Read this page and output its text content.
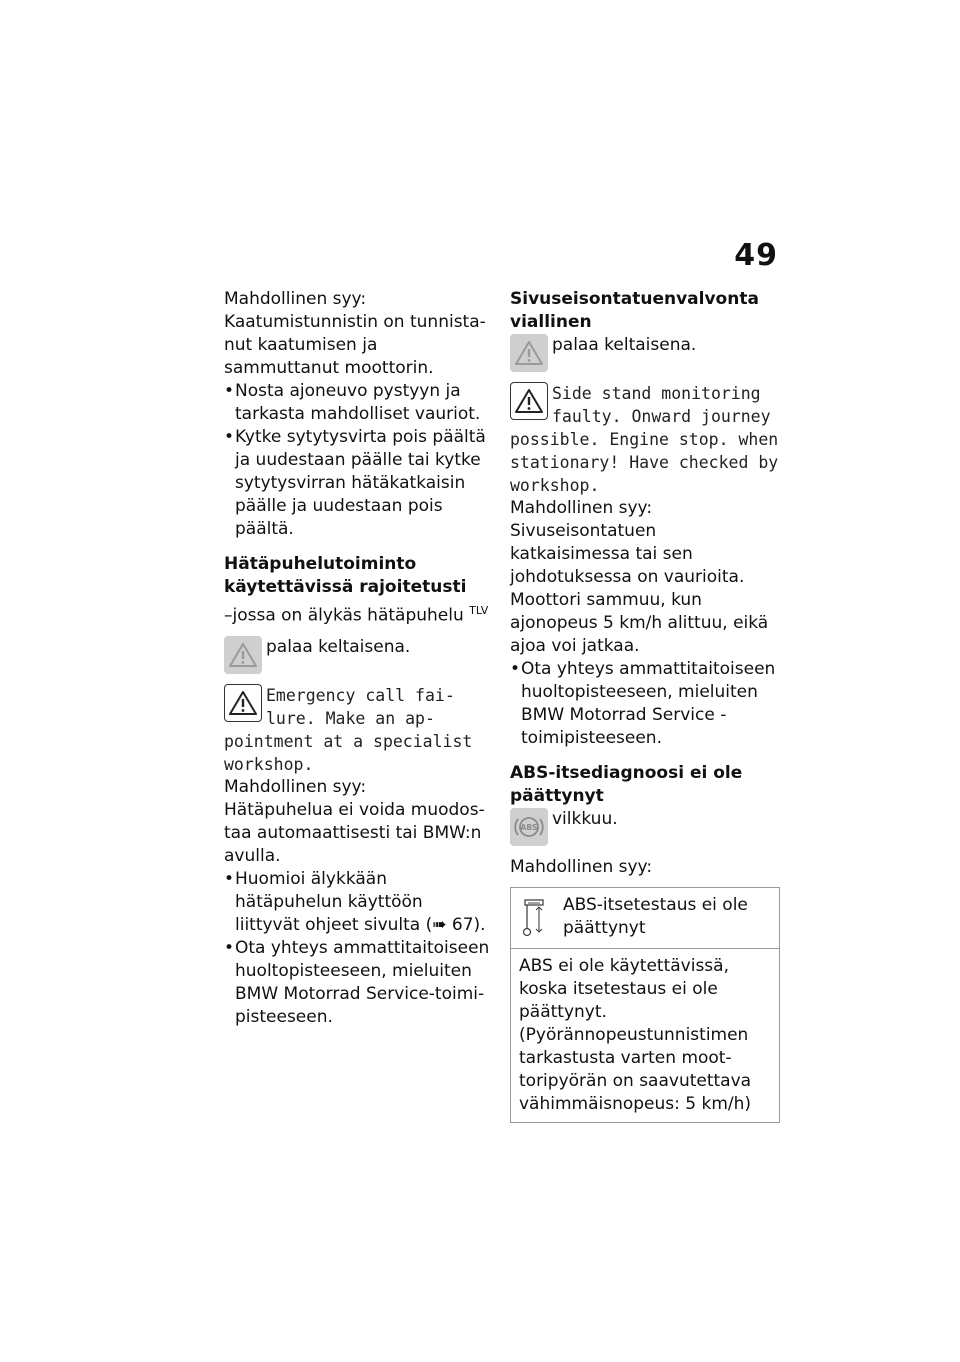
49

Mahdollinen syy:

Kaatumistunnistin on tunnistanut kaatumisen ja sammuttanut moottorin.

• Nosta ajoneuvo pystyyn ja tarkasta mahdolliset vauriot.
• Kytke sytytysvirta pois päältä ja uudestaan päälle tai kytke sytytysvirran hätäkatkaisin päälle ja uudestaan pois päältä.

Hätäpuhelutoiminto käytettävissä rajoitetusti

–jossa on älykäs hätäpuhelu $^{TLV}$

palaa keltaisena.

Emergency call failure. Make an appointment at a specialist workshop.

Mahdollinen syy:

Hätäpuhelua ei voida muodostaa automaattisesti tai BMW:n avulla.

• Huomioi älykkään hätäpuhelun käyttöön liittyvät ohjeet sivulta (➠ 67).
• Ota yhteys ammattitaitoiseen huoltopisteeseen, mieluiten BMW Motorrad Service-toimipisteeseen.

Sivuseisontatuenvalvonta viallinen

palaa keltaisena.

Side stand monitoring faulty. Onward journey possible. Engine stop. when stationary! Have checked by workshop.

Mahdollinen syy:

Sivuseisontatuen katkaisimessa tai sen johdotuksessa on vaurioita. Moottori sammuu, kun ajonopeus 5 km/h alittuu, eikä ajoa voi jatkaa.

• Ota yhteys ammattitaitoiseen huoltopisteeseen, mieluiten BMW Motorrad Service -toimipisteeseen.

ABS-itsediagnoosi ei ole päättynyt

ABS vilkkuu.

Mahdollinen syy:

ABS-itsetestaus ei ole päättynyt
ABS ei ole käytettävissä, koska itsetestaus ei ole päättynyt. (Pyörännopeustunnistimen tarkastusta varten moottoripyörän on saavutettava vähimmäisnopeus: 5 km/h)
